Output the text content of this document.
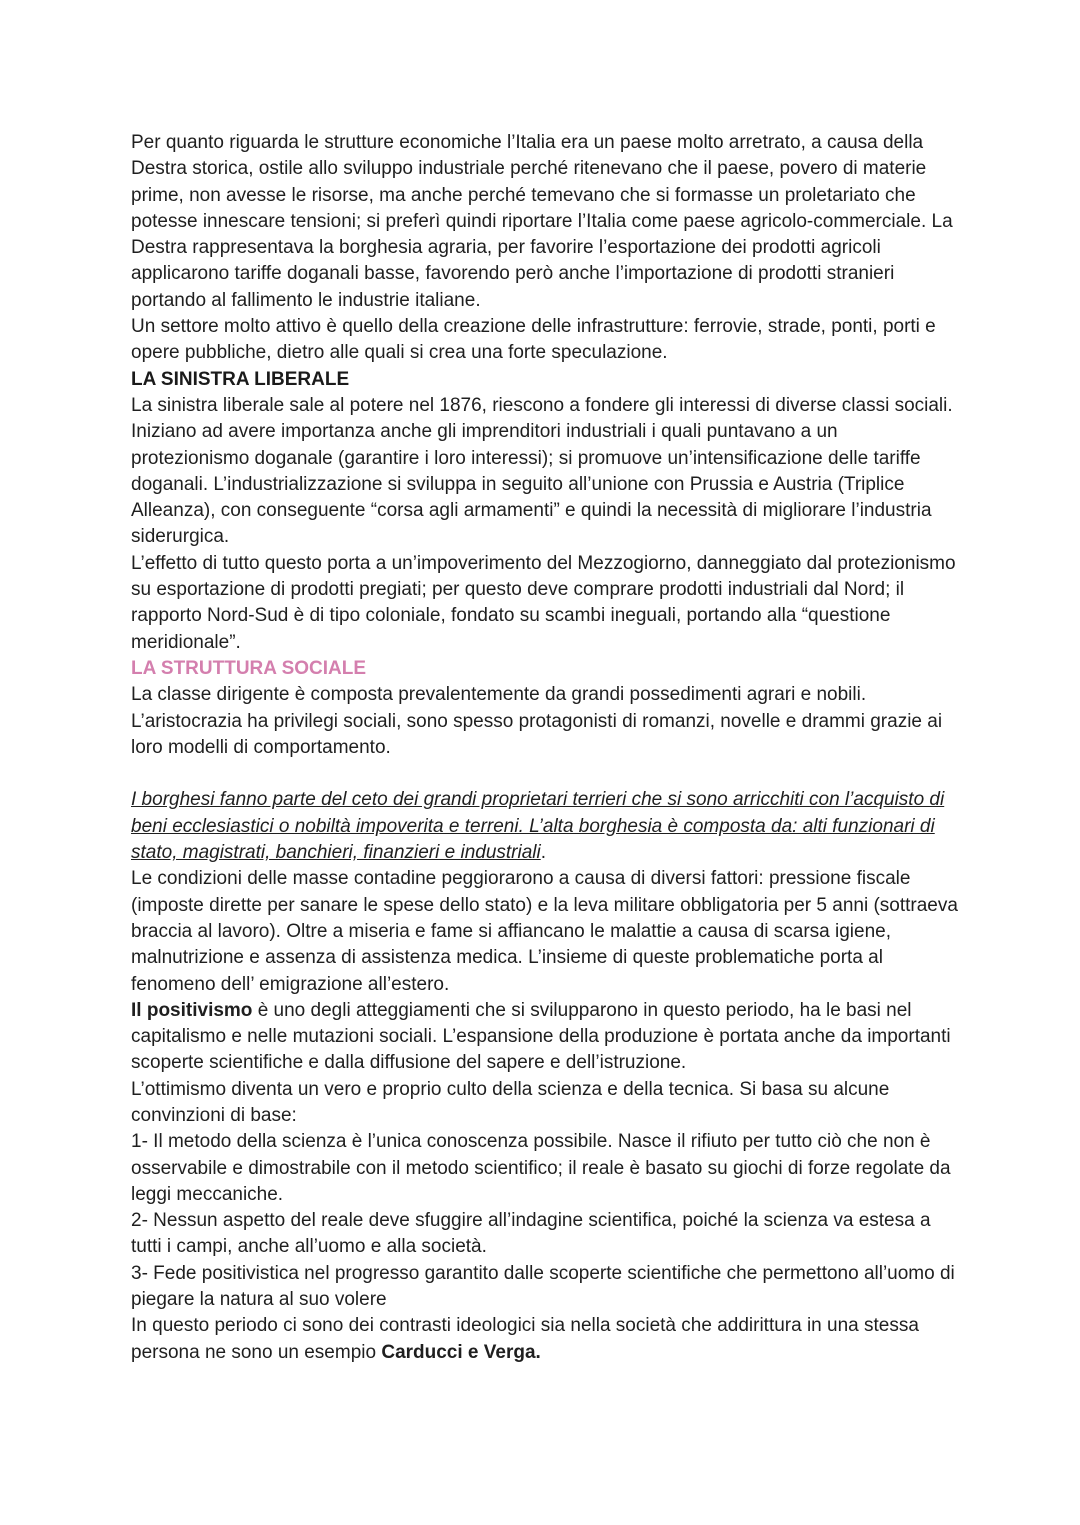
Per quanto riguarda le strutture economiche l’Italia era un paese molto arretrato, a causa della Destra storica, ostile allo sviluppo industriale perché ritenevano che il paese, povero di materie prime, non avesse le risorse, ma anche perché temevano che si formasse un proletariato che potesse innescare tensioni; si preferì quindi riportare l’Italia come paese agricolo-commerciale. La Destra rappresentava la borghesia agraria, per favorire l’esportazione dei prodotti agricoli applicarono tariffe doganali basse, favorendo però anche l’importazione di prodotti stranieri portando al fallimento le industrie italiane.

Un settore molto attivo è quello della creazione delle infrastrutture: ferrovie, strade, ponti, porti e opere pubbliche, dietro alle quali si crea una forte speculazione.

LA SINISTRA LIBERALE

La sinistra liberale sale al potere nel 1876, riescono a fondere gli interessi di diverse classi sociali. Iniziano ad avere importanza anche gli imprenditori industriali i quali puntavano a un protezionismo doganale (garantire i loro interessi); si promuove un’intensificazione delle tariffe doganali. L’industrializzazione si sviluppa in seguito all’unione con Prussia e Austria (Triplice Alleanza), con conseguente “corsa agli armamenti” e quindi la necessità di migliorare l’industria siderurgica.

L’effetto di tutto questo porta a un’impoverimento del Mezzogiorno, danneggiato dal protezionismo su esportazione di prodotti pregiati; per questo deve comprare prodotti industriali dal Nord; il rapporto Nord-Sud è di tipo coloniale, fondato su scambi ineguali, portando alla “questione meridionale”.

LA STRUTTURA SOCIALE

La classe dirigente è composta prevalentemente da grandi possedimenti agrari e nobili. L’aristocrazia ha privilegi sociali, sono spesso protagonisti di romanzi, novelle e drammi grazie ai loro modelli di comportamento.

I borghesi fanno parte del ceto dei grandi proprietari terrieri che si sono arricchiti con l’acquisto di beni ecclesiastici o nobiltà impoverita e terreni. L’alta borghesia è composta da: alti funzionari di stato, magistrati, banchieri, finanzieri e industriali.

Le condizioni delle masse contadine peggiorarono a causa di diversi fattori: pressione fiscale (imposte dirette per sanare le spese dello stato) e la leva militare obbligatoria per 5 anni (sottraeva braccia al lavoro). Oltre a miseria e fame si affiancano le malattie a causa di scarsa igiene, malnutrizione e assenza di assistenza medica. L’insieme di queste problematiche porta al fenomeno dell’ emigrazione all’estero.

Il positivismo è uno degli atteggiamenti che si svilupparono in questo periodo, ha le basi nel capitalismo e nelle mutazioni sociali. L’espansione della produzione è portata anche da importanti scoperte scientifiche e dalla diffusione del sapere e dell’istruzione.

L’ottimismo diventa un vero e proprio culto della scienza e della tecnica. Si basa su alcune convinzioni di base:

1- Il metodo della scienza è l’unica conoscenza possibile. Nasce il rifiuto per tutto ciò che non è osservabile e dimostrabile con il metodo scientifico; il reale è basato su giochi di forze regolate da leggi meccaniche.

2- Nessun aspetto del reale deve sfuggire all’indagine scientifica, poiché la scienza va estesa a tutti i campi, anche all’uomo e alla società.

3- Fede positivistica nel progresso garantito dalle scoperte scientifiche che permettono all’uomo di piegare la natura al suo volere

In questo periodo ci sono dei contrasti ideologici sia nella società che addirittura in una stessa persona ne sono un esempio Carducci e Verga.
